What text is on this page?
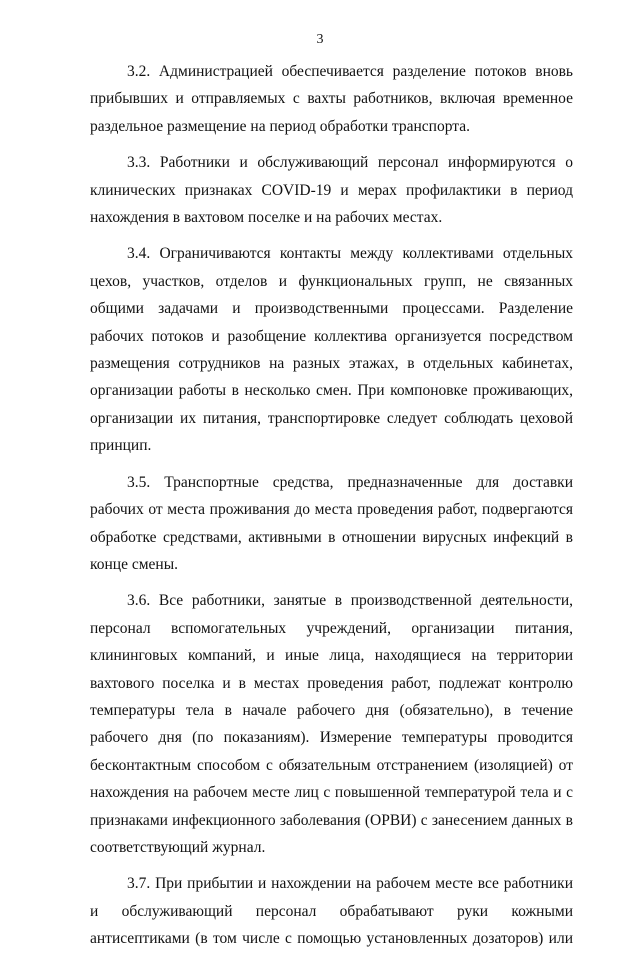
3

3.2. Администрацией обеспечивается разделение потоков вновь прибывших и отправляемых с вахты работников, включая временное раздельное размещение на период обработки транспорта.

3.3. Работники и обслуживающий персонал информируются о клинических признаках COVID-19 и мерах профилактики в период нахождения в вахтовом поселке и на рабочих местах.

3.4. Ограничиваются контакты между коллективами отдельных цехов, участков, отделов и функциональных групп, не связанных общими задачами и производственными процессами. Разделение рабочих потоков и разобщение коллектива организуется посредством размещения сотрудников на разных этажах, в отдельных кабинетах, организации работы в несколько смен. При компоновке проживающих, организации их питания, транспортировке следует соблюдать цеховой принцип.

3.5. Транспортные средства, предназначенные для доставки рабочих от места проживания до места проведения работ, подвергаются обработке средствами, активными в отношении вирусных инфекций в конце смены.

3.6. Все работники, занятые в производственной деятельности, персонал вспомогательных учреждений, организации питания, клининговых компаний, и иные лица, находящиеся на территории вахтового поселка и в местах проведения работ, подлежат контролю температуры тела в начале рабочего дня (обязательно), в течение рабочего дня (по показаниям). Измерение температуры проводится бесконтактным способом с обязательным отстранением (изоляцией) от нахождения на рабочем месте лиц с повышенной температурой тела и с признаками инфекционного заболевания (ОРВИ) с занесением данных в соответствующий журнал.

3.7. При прибытии и нахождении на рабочем месте все работники и обслуживающий персонал обрабатывают руки кожными антисептиками (в том числе с помощью установленных дозаторов) или
